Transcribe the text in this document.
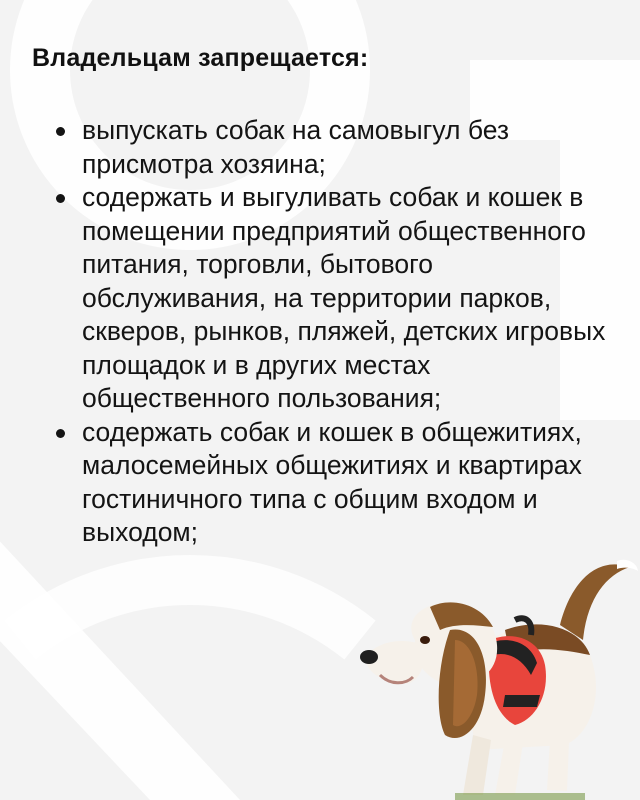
Владельцам запрещается:
выпускать собак на самовыгул без присмотра хозяина;
содержать и выгуливать собак и кошек в помещении предприятий общественного питания, торговли, бытового обслуживания, на территории парков, скверов, рынков, пляжей, детских игровых площадок и в других местах общественного пользования;
содержать собак и кошек в общежитиях, малосемейных общежитиях и квартирах гостиничного типа с общим входом и выходом;
